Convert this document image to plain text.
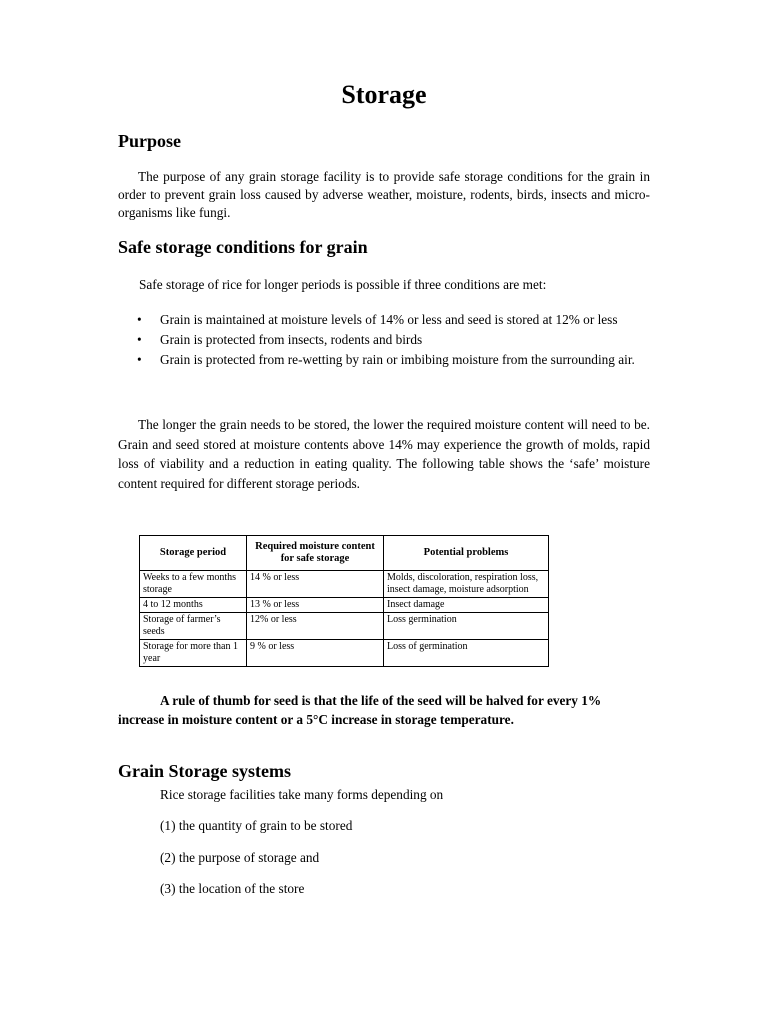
Storage
Purpose
The purpose of any grain storage facility is to provide safe storage conditions for the grain in order to prevent grain loss caused by adverse weather, moisture, rodents, birds, insects and micro-organisms like fungi.
Safe storage conditions for grain
Safe storage of rice for longer periods is possible if three conditions are met:
• Grain is maintained at moisture levels of 14% or less and seed is stored at 12% or less
• Grain is protected from insects, rodents and birds
• Grain is protected from re-wetting by rain or imbibing moisture from the surrounding air.
The longer the grain needs to be stored, the lower the required moisture content will need to be. Grain and seed stored at moisture contents above 14% may experience the growth of molds, rapid loss of viability and a reduction in eating quality. The following table shows the ‘safe’ moisture content required for different storage periods.
Storage period	Required moisture content for safe storage	Potential problems
Weeks to a few months storage	14 % or less	Molds, discoloration, respiration loss, insect damage, moisture adsorption
4 to 12 months	13 % or less	Insect damage
Storage of farmer’s seeds	12% or less	Loss germination
Storage for more than 1 year	9 % or less	Loss of germination
A rule of thumb for seed is that the life of the seed will be halved for every 1% increase in moisture content or a 5°C increase in storage temperature.
Grain Storage systems
Rice storage facilities take many forms depending on
(1) the quantity of grain to be stored
(2) the purpose of storage and
(3) the location of the store
